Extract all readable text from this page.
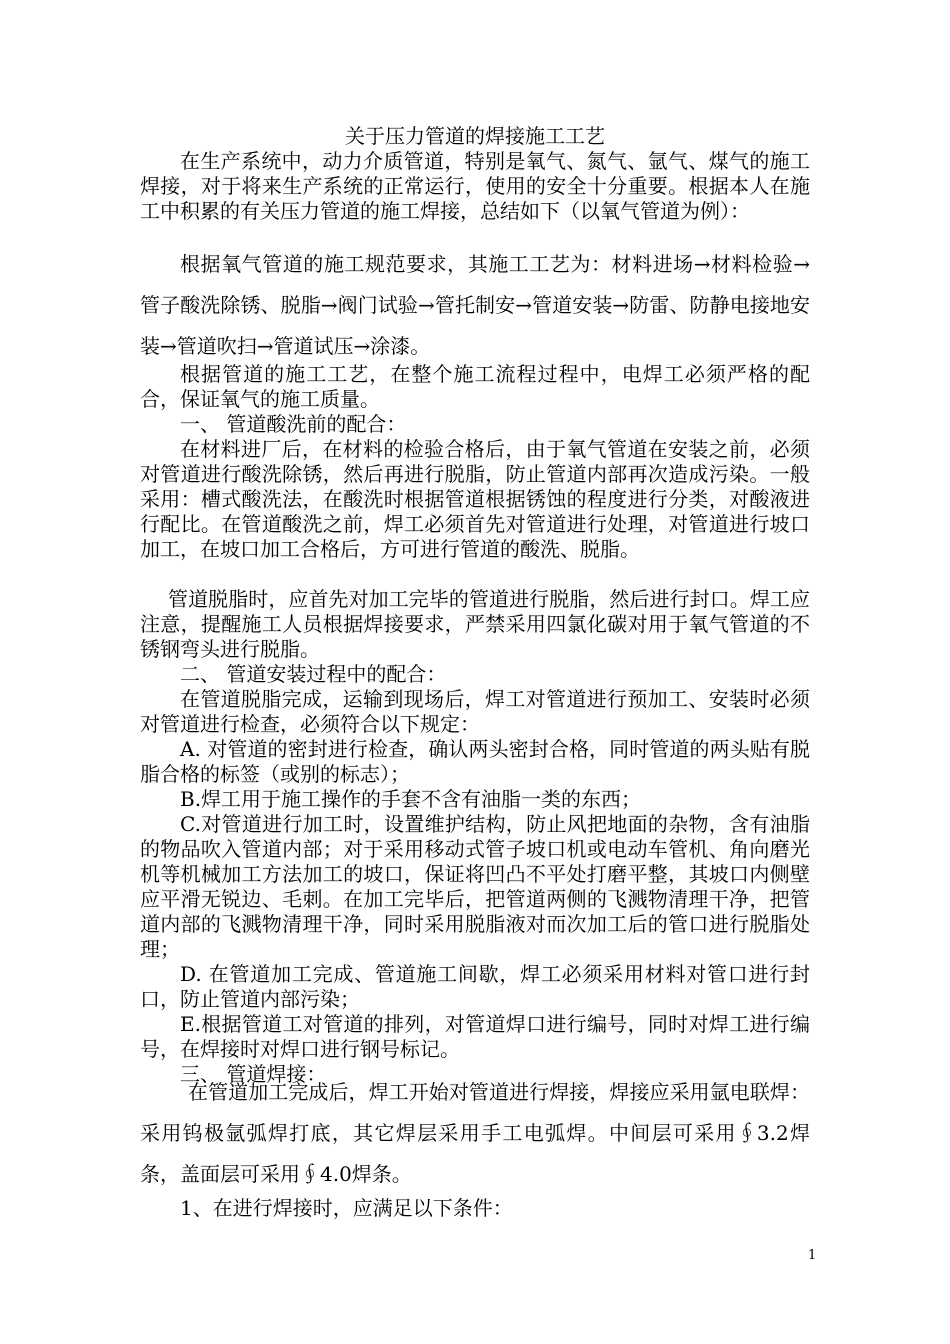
关于压力管道的焊接施工工艺
在生产系统中，动力介质管道，特别是氧气、氮气、氩气、煤气的施工焊接，对于将来生产系统的正常运行，使用的安全十分重要。根据本人在施工中积累的有关压力管道的施工焊接，总结如下（以氧气管道为例）：
根据氧气管道的施工规范要求，其施工工艺为：材料进场→材料检验→管子酸洗除锈、脱脂→阀门试验→管托制安→管道安装→防雷、防静电接地安装→管道吹扫→管道试压→涂漆。
根据管道的施工工艺，在整个施工流程过程中，电焊工必须严格的配合，保证氧气的施工质量。
一、 管道酸洗前的配合：
在材料进厂后，在材料的检验合格后，由于氧气管道在安装之前，必须对管道进行酸洗除锈，然后再进行脱脂，防止管道内部再次造成污染。一般采用：槽式酸洗法，在酸洗时根据管道根据锈蚀的程度进行分类，对酸液进行配比。在管道酸洗之前，焊工必须首先对管道进行处理，对管道进行坡口加工，在坡口加工合格后，方可进行管道的酸洗、脱脂。
管道脱脂时，应首先对加工完毕的管道进行脱脂，然后进行封口。焊工应注意，提醒施工人员根据焊接要求，严禁采用四氯化碳对用于氧气管道的不锈钢弯头进行脱脂。
二、 管道安装过程中的配合：
在管道脱脂完成，运输到现场后，焊工对管道进行预加工、安装时必须对管道进行检查，必须符合以下规定：
A. 对管道的密封进行检查，确认两头密封合格，同时管道的两头贴有脱脂合格的标签（或别的标志）；
B.焊工用于施工操作的手套不含有油脂一类的东西；
C.对管道进行加工时，设置维护结构，防止风把地面的杂物，含有油脂的物品吹入管道内部；对于采用移动式管子坡口机或电动车管机、角向磨光机等机械加工方法加工的坡口，保证将凹凸不平处打磨平整，其坡口内侧壁应平滑无锐边、毛刺。在加工完毕后，把管道两侧的飞溅物清理干净，把管道内部的飞溅物清理干净，同时采用脱脂液对而次加工后的管口进行脱脂处理；
D. 在管道加工完成、管道施工间歇，焊工必须采用材料对管口进行封口，防止管道内部污染；
E.根据管道工对管道的排列，对管道焊口进行编号，同时对焊工进行编号，在焊接时对焊口进行钢号标记。
三、 管道焊接：
在管道加工完成后，焊工开始对管道进行焊接，焊接应采用氩电联焊：采用钨极氩弧焊打底，其它焊层采用手工电弧焊。中间层可采用∮3.2焊条，盖面层可采用∮4.0焊条。
1、在进行焊接时，应满足以下条件：
1
